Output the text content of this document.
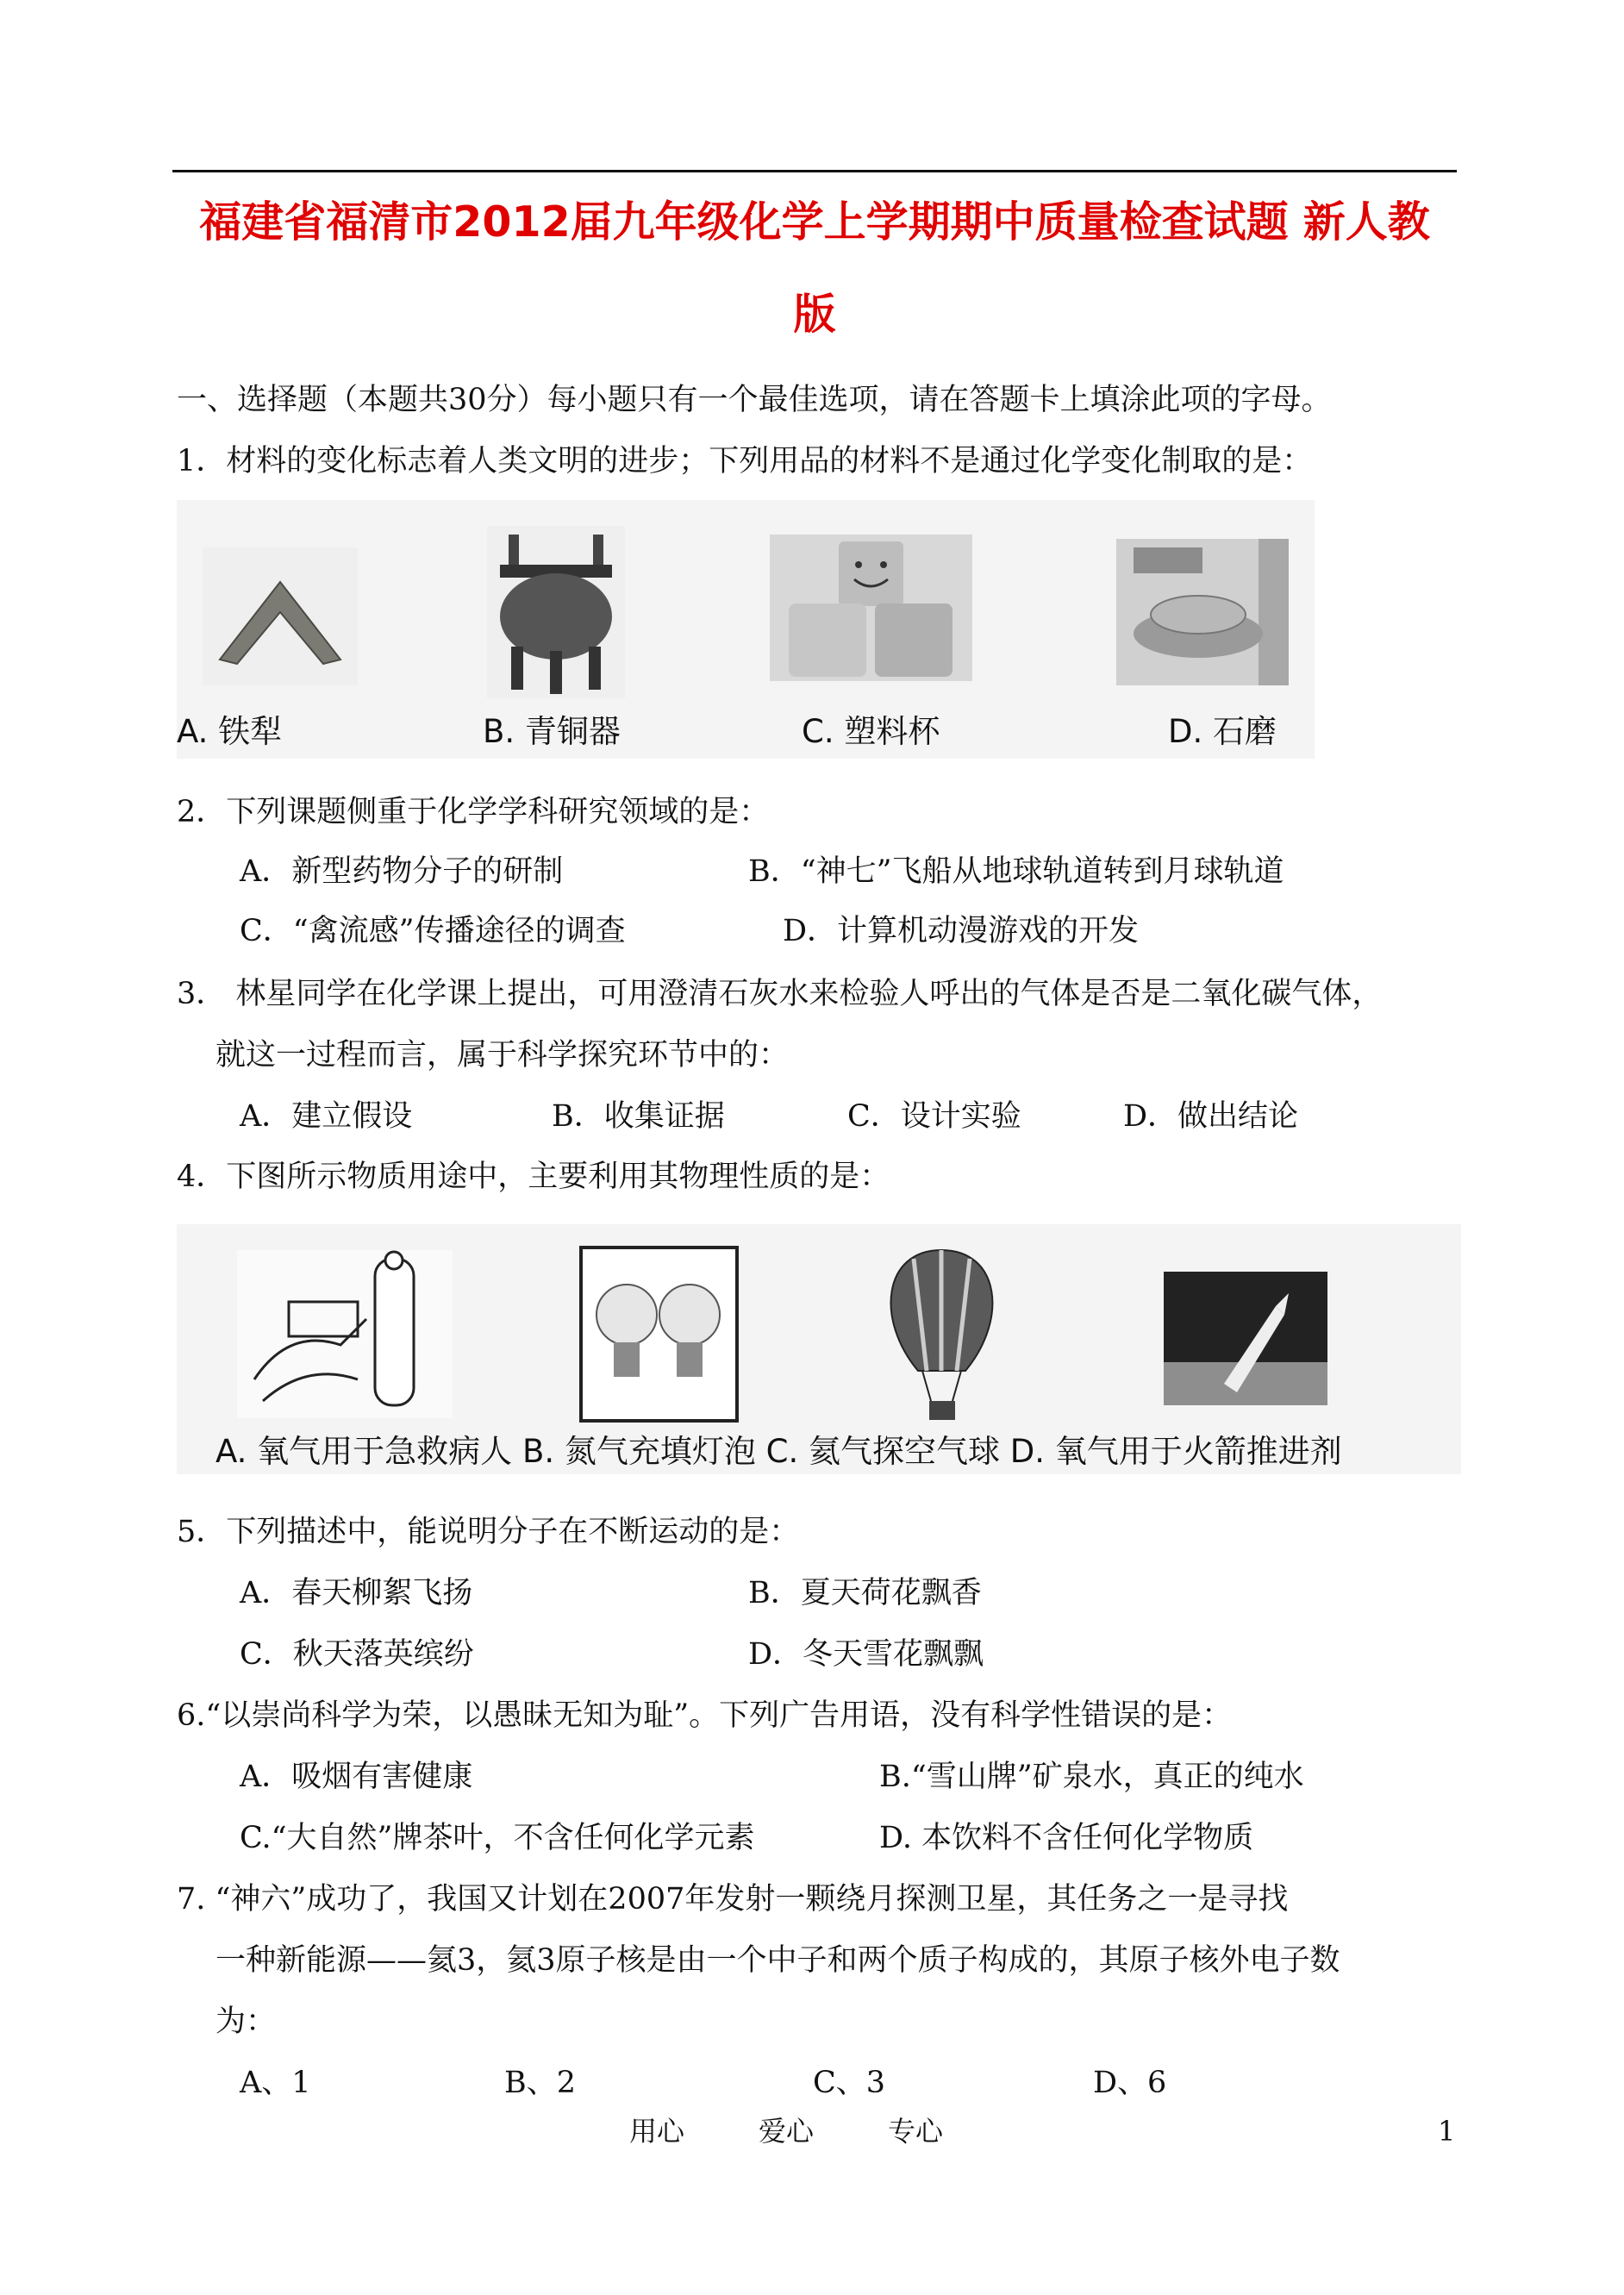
福建省福清市2012届九年级化学上学期期中质量检查试题 新人教
版
一、选择题（本题共30分）每小题只有一个最佳选项，请在答题卡上填涂此项的字母。
1．材料的变化标志着人类文明的进步；下列用品的材料不是通过化学变化制取的是：
A. 铁犁	B. 青铜器	C. 塑料杯	D. 石磨
2．下列课题侧重于化学学科研究领域的是：
A．新型药物分子的研制	B．“神七”飞船从地球轨道转到月球轨道
C．“禽流感”传播途径的调查	D．计算机动漫游戏的开发
3． 林星同学在化学课上提出，可用澄清石灰水来检验人呼出的气体是否是二氧化碳气体，
就这一过程而言，属于科学探究环节中的：
A．建立假设	B．收集证据	C．设计实验	D．做出结论
4．下图所示物质用途中，主要利用其物理性质的是：
A. 氧气用于急救病人 B. 氮气充填灯泡 C. 氦气探空气球 D. 氧气用于火箭推进剂
5．下列描述中，能说明分子在不断运动的是：
A．春天柳絮飞扬	B．夏天荷花飘香
C．秋天落英缤纷	D．冬天雪花飘飘
6.“以崇尚科学为荣，以愚昧无知为耻”。下列广告用语，没有科学性错误的是：
A．吸烟有害健康	B.“雪山牌”矿泉水，真正的纯水
C.“大自然”牌茶叶，不含任何化学元素	D. 本饮料不含任何化学物质
7. “神六”成功了，我国又计划在2007年发射一颗绕月探测卫星，其任务之一是寻找
一种新能源——氦3，氦3原子核是由一个中子和两个质子构成的，其原子核外电子数
为：
A、1	B、2	C、3	D、6
用心	爱心	专心	1
